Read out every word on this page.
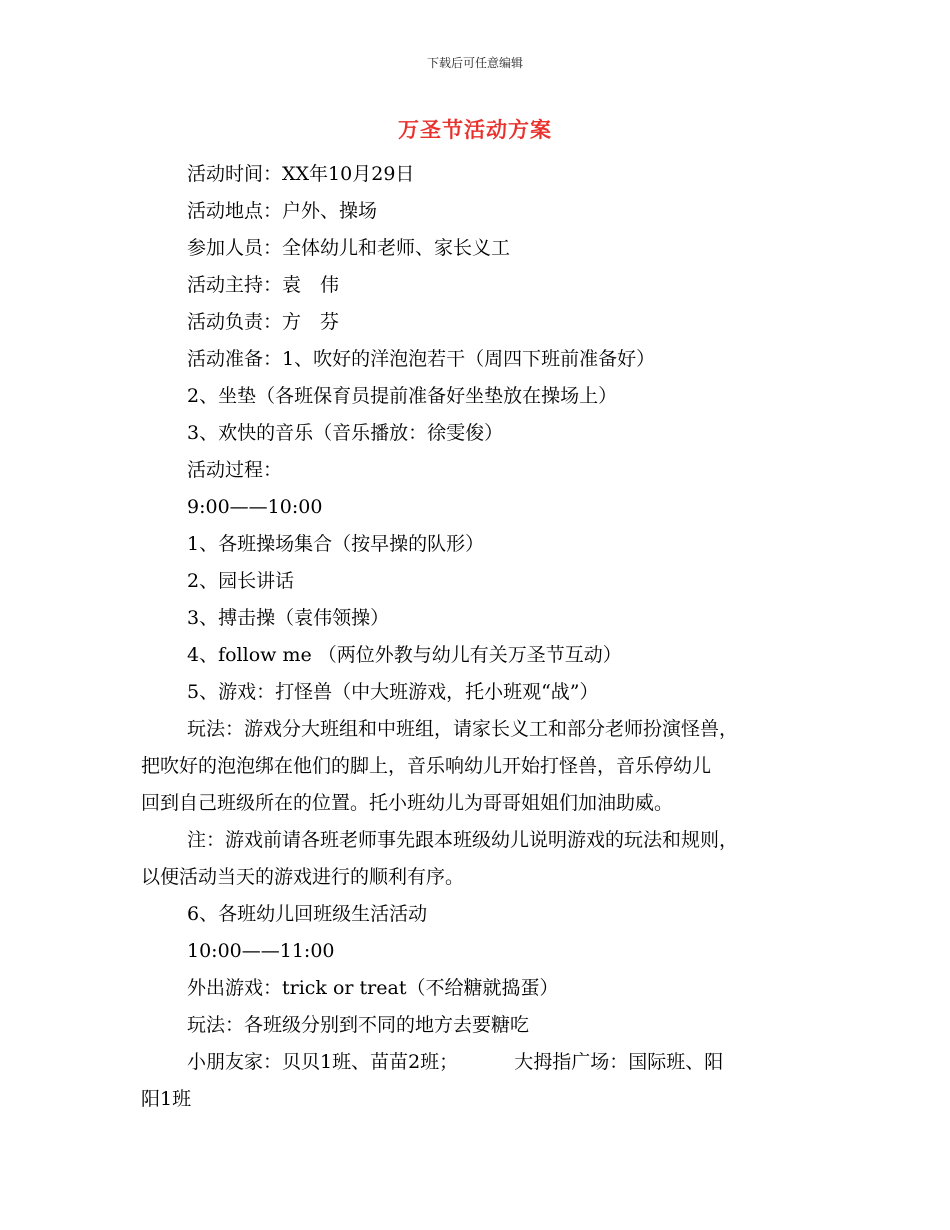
下载后可任意编辑
万圣节活动方案
活动时间：XX年10月29日
活动地点：户外、操场
参加人员：全体幼儿和老师、家长义工
活动主持：袁　伟
活动负责：方　芬
活动准备：1、吹好的洋泡泡若干（周四下班前准备好）
2、坐垫（各班保育员提前准备好坐垫放在操场上）
3、欢快的音乐（音乐播放：徐雯俊）
活动过程：
9:00——10:00
1、各班操场集合（按早操的队形）
2、园长讲话
3、搏击操（袁伟领操）
4、follow me （两位外教与幼儿有关万圣节互动）
5、游戏：打怪兽（中大班游戏，托小班观“战”）
玩法：游戏分大班组和中班组，请家长义工和部分老师扮演怪兽，
把吹好的泡泡绑在他们的脚上，音乐响幼儿开始打怪兽，音乐停幼儿
回到自己班级所在的位置。托小班幼儿为哥哥姐姐们加油助威。
注：游戏前请各班老师事先跟本班级幼儿说明游戏的玩法和规则，
以便活动当天的游戏进行的顺利有序。
6、各班幼儿回班级生活活动
10:00——11:00
外出游戏：trick or treat（不给糖就捣蛋）
玩法：各班级分别到不同的地方去要糖吃
小朋友家：贝贝1班、苗苗2班；	大拇指广场：国际班、阳
阳1班
